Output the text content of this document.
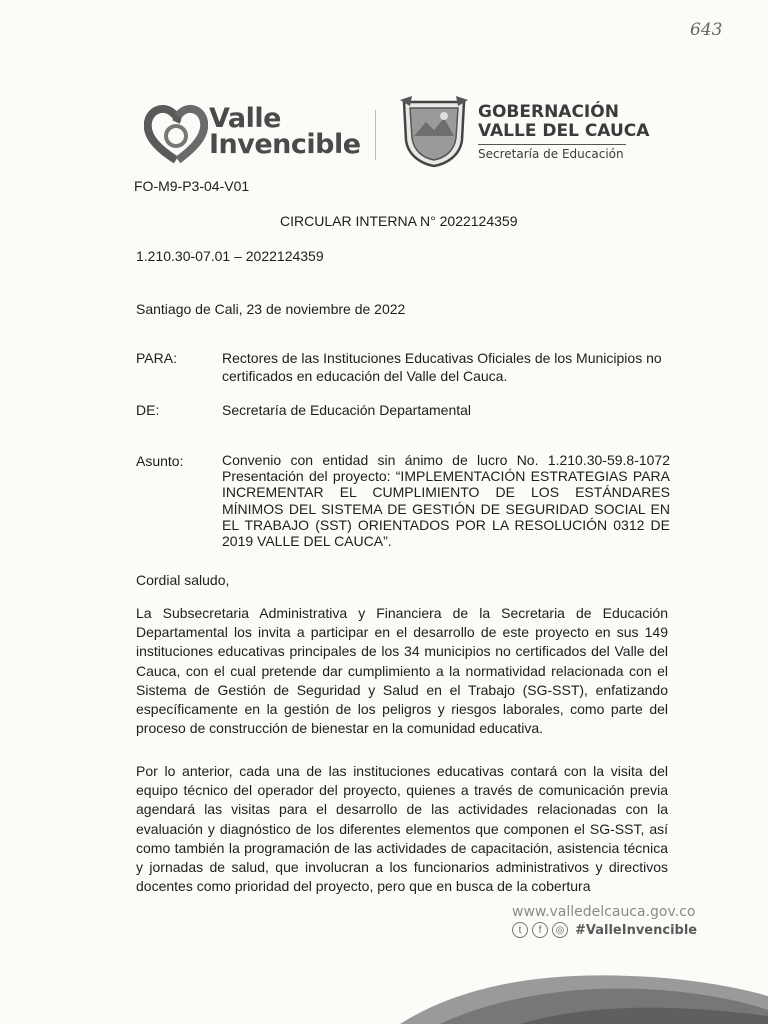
643
Valle
Invencible
GOBERNACIÓN
VALLE DEL CAUCA
Secretaría de Educación
FO-M9-P3-04-V01
CIRCULAR INTERNA N° 2022124359
1.210.30-07.01 – 2022124359
Santiago de Cali, 23 de noviembre de 2022
PARA:	Rectores de las Instituciones Educativas Oficiales de los Municipios no certificados en educación del Valle del Cauca.
DE:	Secretaría de Educación Departamental
Asunto:	Convenio con entidad sin ánimo de lucro No. 1.210.30-59.8-1072 Presentación del proyecto: “IMPLEMENTACIÓN ESTRATEGIAS PARA INCREMENTAR EL CUMPLIMIENTO DE LOS ESTÁNDARES MÍNIMOS DEL SISTEMA DE GESTIÓN DE SEGURIDAD SOCIAL EN EL TRABAJO (SST) ORIENTADOS POR LA RESOLUCIÓN 0312 DE 2019 VALLE DEL CAUCA”.
Cordial saludo,
La Subsecretaria Administrativa y Financiera de la Secretaria de Educación Departamental los invita a participar en el desarrollo de este proyecto en sus 149 instituciones educativas principales de los 34 municipios no certificados del Valle del Cauca, con el cual pretende dar cumplimiento a la normatividad relacionada con el Sistema de Gestión de Seguridad y Salud en el Trabajo (SG-SST), enfatizando específicamente en la gestión de los peligros y riesgos laborales, como parte del proceso de construcción de bienestar en la comunidad educativa.
Por lo anterior, cada una de las instituciones educativas contará con la visita del equipo técnico del operador del proyecto, quienes a través de comunicación previa agendará las visitas para el desarrollo de las actividades relacionadas con la evaluación y diagnóstico de los diferentes elementos que componen el SG-SST, así como también la programación de las actividades de capacitación, asistencia técnica y jornadas de salud, que involucran a los funcionarios administrativos y directivos docentes como prioridad del proyecto, pero que en busca de la cobertura
www.valledelcauca.gov.co
t	f	◎ #ValleInvencible
